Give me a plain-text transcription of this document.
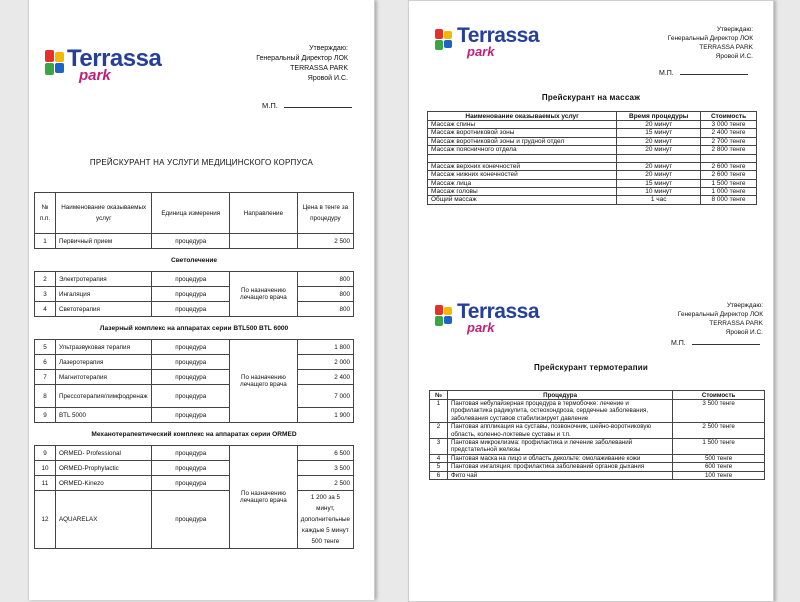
Terrassa
park
Утверждаю:
Генеральный Директор ЛОК
TERRASSA PARK
Яровой И.С.
М.П.
ПРЕЙСКУРАНТ НА УСЛУГИ МЕДИЦИНСКОГО КОРПУСА
№ п.п.	Наименование оказываемых услуг	Единица измерения	Направление	Цена в тенге за процедуру
1	Первичный прием	процедура		2 500
Светолечение				
2	Электротерапия	процедура	По назначению лечащего врача	800
3	Ингаляция	процедура		800
4	Светотерапия	процедура		800
Лазерный комплекс на аппаратах серии BTL500 BTL 6000				
5	Ультразвуковая терапия	процедура	По назначению лечащего врача	1 800
6	Лазеротерапия	процедура		2 000
7	Магнитотерапия	процедура		2 400
8	Прессотерапия/лимфодренаж	процедура		7 000
9	BTL 5000	процедура		1 900
Механотерапевтический комплекс на аппаратах серии ORMED				
9	ORMED- Professional	процедура	По назначению лечащего врача	6 500
10	ORMED-Prophylactic	процедура		3 500
11	ORMED-Kinezo	процедура		2 500
12	AQUARELAX	процедура		1 200 за 5 минут, дополнительные каждые 5 минут 500 тенге
Terrassa
park
Утверждаю:
Генеральный Директор ЛОК
TERRASSA PARK
Яровой И.С.
М.П.
Прейскурант на массаж
Наименование оказываемых услуг	Время процедуры	Стоимость
Массаж спины	20 минут	3 000 тенге
Массаж воротниковой зоны	15 минут	2 400 тенге
Массаж воротниковой зоны и грудной отдел	20 минут	2 700 тенге
Массаж поясничного отдела	20 минут	2 800 тенге

Массаж верхних конечностей	20 минут	2 600 тенге
Массаж нижних конечностей	20 минут	2 600 тенге
Массаж лица	15 минут	1 500 тенге
Массаж головы	10 минут	1 000 тенге
Общий массаж	1 час	8 000 тенге
Terrassa
park
Утверждаю:
Генеральный Директор ЛОК
TERRASSA PARK
Яровой И.С.
М.П.
Прейскурант термотерапии
№	Процедура	Стоимость
1	Пантовая небулайзерная процедура в термобочке: лечение и профилактика радикулита, остеохондроза, сердечные заболевания, заболевания суставов стабилизирует давление	3 500 тенге
2	Пантовая аппликация на суставы, позвоночник, шейно-воротниковую область, коленно-локтевые суставы и т.п.	2 500 тенге
3	Пантовая микроклизма: профилактика и лечение заболеваний предстательной железы	1 500 тенге
4	Пантовая маска на лицо и область декольте: омолаживание кожи	500 тенге
5	Пантовая ингаляция: профилактика заболеваний органов дыхания	600 тенге
6	Фито чай	100 тенге
